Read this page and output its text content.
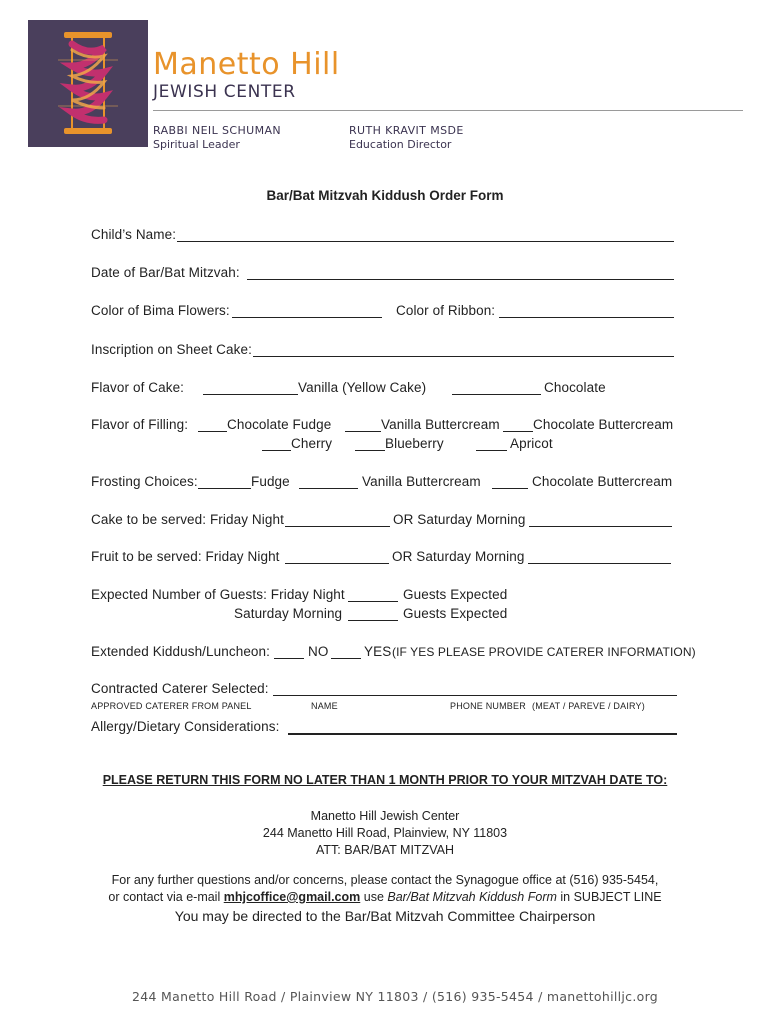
Manetto Hill
JEWISH CENTER
RABBI NEIL SCHUMAN
Spiritual Leader
RUTH KRAVIT MSDE
Education Director
Bar/Bat Mitzvah Kiddush Order Form
Child’s Name:
Date of Bar/Bat Mitzvah:
Color of Bima Flowers:	Color of Ribbon:
Inscription on Sheet Cake:
Flavor of Cake:	Vanilla (Yellow Cake)	Chocolate
Flavor of Filling:	Chocolate Fudge	Vanilla Buttercream Chocolate Buttercream
Cherry	Blueberry	Apricot
Frosting Choices:	Fudge	Vanilla Buttercream	Chocolate Buttercream
Cake to be served: Friday Night	OR Saturday Morning
Fruit to be served: Friday Night	OR Saturday Morning
Expected Number of Guests: Friday Night	Guests Expected
Saturday Morning	Guests Expected
Extended Kiddush/Luncheon:	NO	YES (IF YES PLEASE PROVIDE CATERER INFORMATION)
Contracted Caterer Selected:
APPROVED CATERER FROM PANEL	NAME	PHONE NUMBER (MEAT / PAREVE / DAIRY)
Allergy/Dietary Considerations:
PLEASE RETURN THIS FORM NO LATER THAN 1 MONTH PRIOR TO YOUR MITZVAH DATE TO:
Manetto Hill Jewish Center
244 Manetto Hill Road, Plainview, NY 11803
ATT: BAR/BAT MITZVAH
For any further questions and/or concerns, please contact the Synagogue office at (516) 935-5454,
or contact via e-mail mhjcoffice@gmail.com use Bar/Bat Mitzvah Kiddush Form in SUBJECT LINE
You may be directed to the Bar/Bat Mitzvah Committee Chairperson
244 Manetto Hill Road / Plainview NY 11803 / (516) 935-5454 / manettohilljc.org
